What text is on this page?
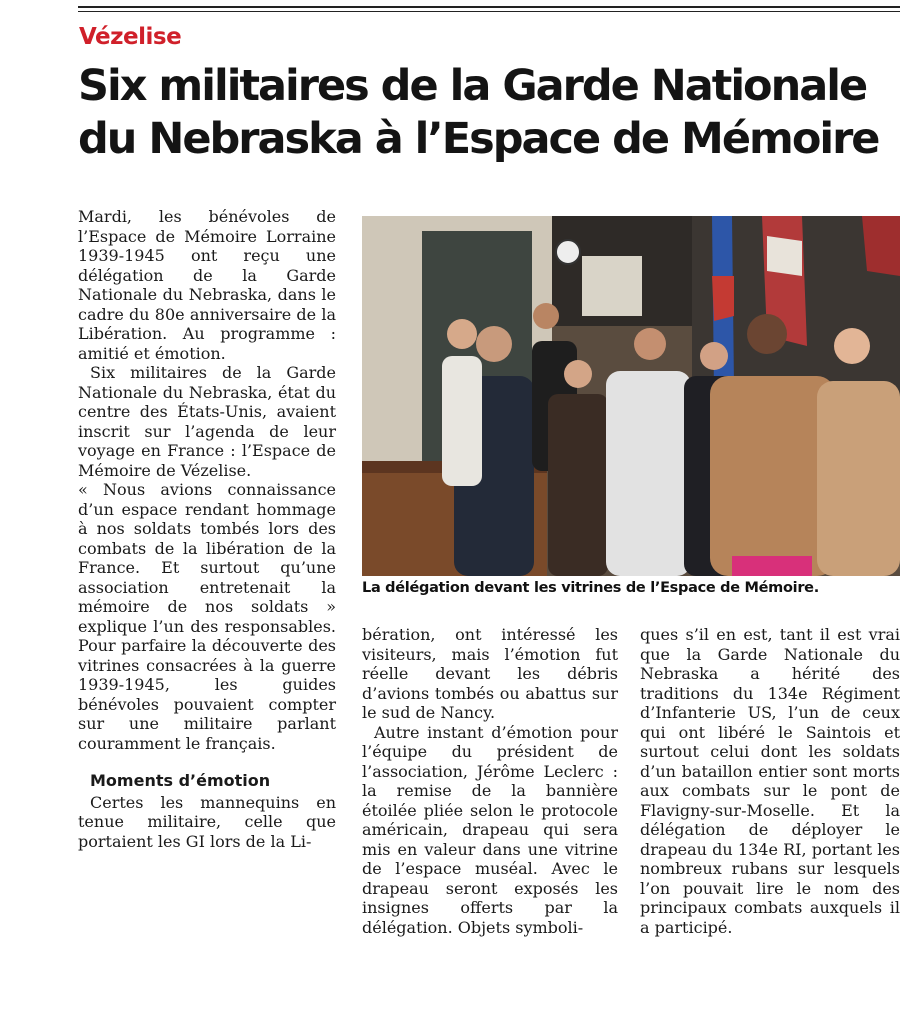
Vézelise
Six militaires de la Garde Nationale
du Nebraska à l’Espace de Mémoire

Mardi, les bénévoles de l’Espace de Mémoire Lorraine 1939-1945 ont reçu une délégation de la Garde Nationale du Nebraska, dans le cadre du 80e anniversaire de la Libération. Au programme : amitié et émotion.

Six militaires de la Garde Nationale du Nebraska, état du centre des États-Unis, avaient inscrit sur l’agenda de leur voyage en France : l’Espace de Mémoire de Vézelise.

« Nous avions connaissance d’un espace rendant hommage à nos soldats tombés lors des combats de la libération de la France. Et surtout qu’une association entretenait la mémoire de nos soldats » explique l’un des responsables. Pour parfaire la découverte des vitrines consacrées à la guerre 1939-1945, les guides bénévoles pouvaient compter sur une militaire parlant couramment le français.

Moments d’émotion

Certes les mannequins en tenue militaire, celle que portaient les GI lors de la Li-

La délégation devant les vitrines de l’Espace de Mémoire.

bération, ont intéressé les visiteurs, mais l’émotion fut réelle devant les débris d’avions tombés ou abattus sur le sud de Nancy.

Autre instant d’émotion pour l’équipe du président de l’association, Jérôme Leclerc : la remise de la bannière étoilée pliée selon le protocole américain, drapeau qui sera mis en valeur dans une vitrine de l’espace muséal. Avec le drapeau seront exposés les insignes offerts par la délégation. Objets symboli-

ques s’il en est, tant il est vrai que la Garde Nationale du Nebraska a hérité des traditions du 134e Régiment d’Infanterie US, l’un de ceux qui ont libéré le Saintois et surtout celui dont les soldats d’un bataillon entier sont morts aux combats sur le pont de Flavigny-sur-Moselle. Et la délégation de déployer le drapeau du 134e RI, portant les nombreux rubans sur lesquels l’on pouvait lire le nom des principaux combats auxquels il a participé.
